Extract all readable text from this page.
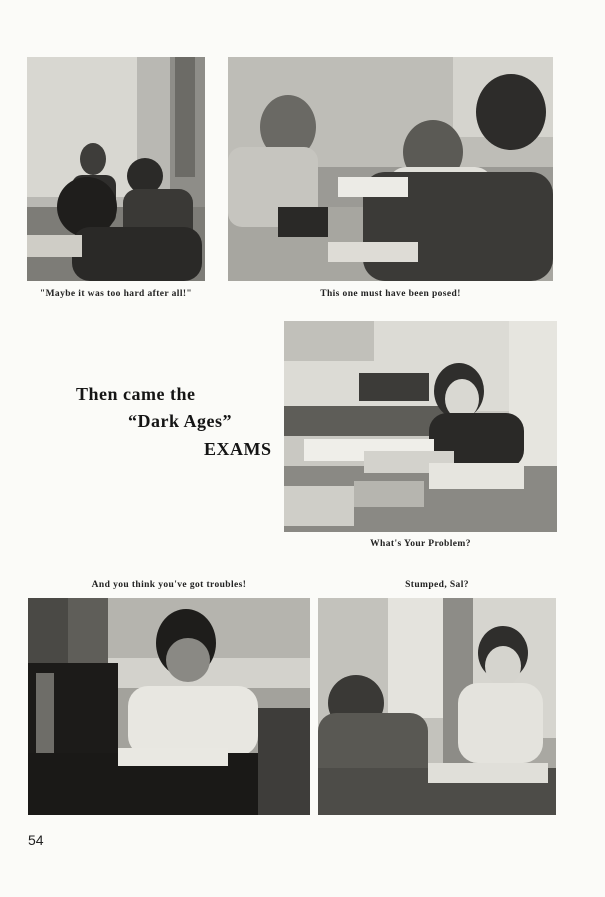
"Maybe it was too hard after all!"	This one must have been posed!
Then came the
“Dark Ages”
EXAMS
What's Your Problem?
And you think you've got troubles!	Stumped, Sal?
54
